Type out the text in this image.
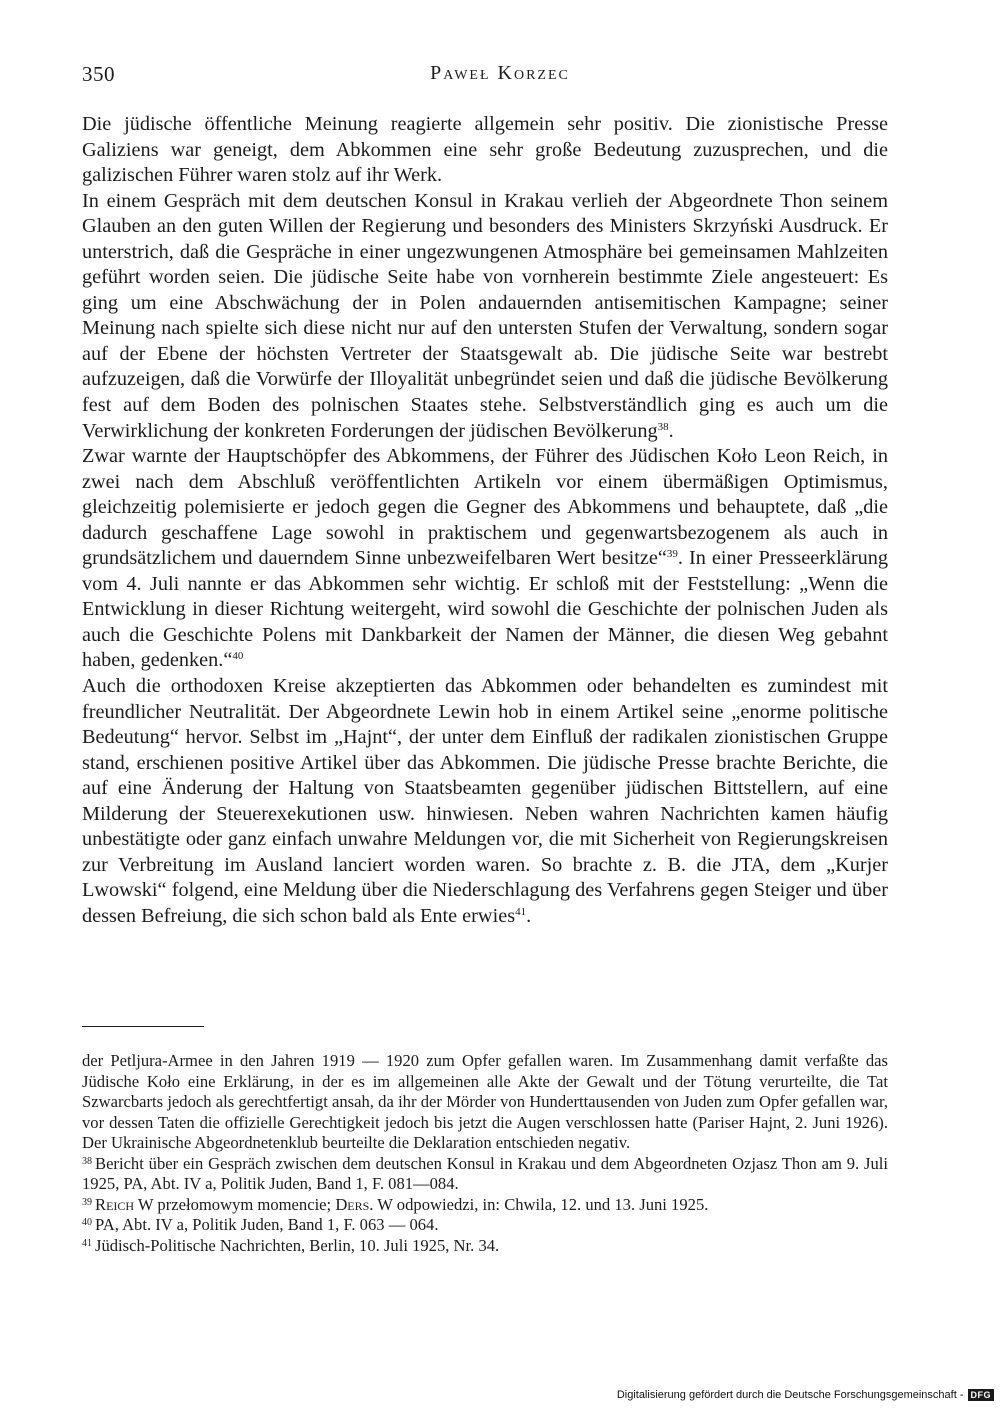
350	Paweł Korzec

Die jüdische öffentliche Meinung reagierte allgemein sehr positiv. Die zionistische Presse Galiziens war geneigt, dem Abkommen eine sehr große Bedeutung zuzusprechen, und die galizischen Führer waren stolz auf ihr Werk.

In einem Gespräch mit dem deutschen Konsul in Krakau verlieh der Abgeordnete Thon seinem Glauben an den guten Willen der Regierung und besonders des Ministers Skrzyński Ausdruck. Er unterstrich, daß die Gespräche in einer ungezwungenen Atmosphäre bei gemeinsamen Mahlzeiten geführt worden seien. Die jüdische Seite habe von vornherein bestimmte Ziele angesteuert: Es ging um eine Abschwächung der in Polen andauernden antisemitischen Kampagne; seiner Meinung nach spielte sich diese nicht nur auf den untersten Stufen der Verwaltung, sondern sogar auf der Ebene der höchsten Vertreter der Staatsgewalt ab. Die jüdische Seite war bestrebt aufzuzeigen, daß die Vorwürfe der Illoyalität unbegründet seien und daß die jüdische Bevölkerung fest auf dem Boden des polnischen Staates stehe. Selbstverständlich ging es auch um die Verwirklichung der konkreten Forderungen der jüdischen Bevölkerung$^{38}$.

Zwar warnte der Hauptschöpfer des Abkommens, der Führer des Jüdischen Koło Leon Reich, in zwei nach dem Abschluß veröffentlichten Artikeln vor einem übermäßigen Optimismus, gleichzeitig polemisierte er jedoch gegen die Gegner des Abkommens und behauptete, daß „die dadurch geschaffene Lage sowohl in praktischem und gegenwartsbezogenem als auch in grundsätzlichem und dauerndem Sinne unbezweifelbaren Wert besitze“$^{39}$. In einer Presseerklärung vom 4. Juli nannte er das Abkommen sehr wichtig. Er schloß mit der Feststellung: „Wenn die Entwicklung in dieser Richtung weitergeht, wird sowohl die Geschichte der polnischen Juden als auch die Geschichte Polens mit Dankbarkeit der Namen der Männer, die diesen Weg gebahnt haben, gedenken.“$^{40}$

Auch die orthodoxen Kreise akzeptierten das Abkommen oder behandelten es zumindest mit freundlicher Neutralität. Der Abgeordnete Lewin hob in einem Artikel seine „enorme politische Bedeutung“ hervor. Selbst im „Hajnt“, der unter dem Einfluß der radikalen zionistischen Gruppe stand, erschienen positive Artikel über das Abkommen. Die jüdische Presse brachte Berichte, die auf eine Änderung der Haltung von Staatsbeamten gegenüber jüdischen Bittstellern, auf eine Milderung der Steuerexekutionen usw. hinwiesen. Neben wahren Nachrichten kamen häufig unbestätigte oder ganz einfach unwahre Meldungen vor, die mit Sicherheit von Regierungskreisen zur Verbreitung im Ausland lanciert worden waren. So brachte z. B. die JTA, dem „Kurjer Lwowski“ folgend, eine Meldung über die Niederschlagung des Verfahrens gegen Steiger und über dessen Befreiung, die sich schon bald als Ente erwies$^{41}$.

der Petljura-Armee in den Jahren 1919 — 1920 zum Opfer gefallen waren. Im Zusammenhang damit verfaßte das Jüdische Koło eine Erklärung, in der es im allgemeinen alle Akte der Gewalt und der Tötung verurteilte, die Tat Szwarcbarts jedoch als gerechtfertigt ansah, da ihr der Mörder von Hunderttausenden von Juden zum Opfer gefallen war, vor dessen Taten die offizielle Gerechtigkeit jedoch bis jetzt die Augen verschlossen hatte (Pariser Hajnt, 2. Juni 1926). Der Ukrainische Abgeordnetenklub beurteilte die Deklaration entschieden negativ.

$^{38}$ Bericht über ein Gespräch zwischen dem deutschen Konsul in Krakau und dem Abgeordneten Ozjasz Thon am 9. Juli 1925, PA, Abt. IV a, Politik Juden, Band 1, F. 081—084.

$^{39}$ Reich W przełomowym momencie; Ders. W odpowiedzi, in: Chwila, 12. und 13. Juni 1925.

$^{40}$ PA, Abt. IV a, Politik Juden, Band 1, F. 063 — 064.

$^{41}$ Jüdisch-Politische Nachrichten, Berlin, 10. Juli 1925, Nr. 34.

Digitalisierung gefördert durch die Deutsche Forschungsgemeinschaft - DFG
